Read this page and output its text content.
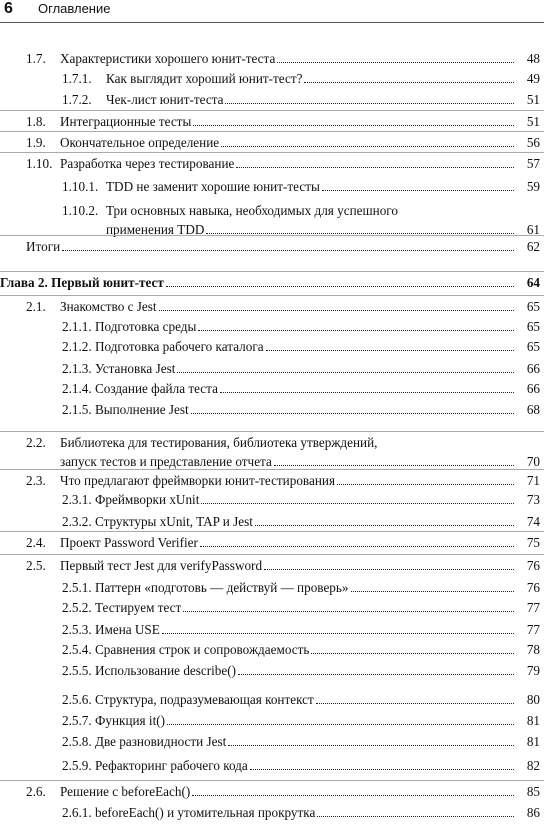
6 Оглавление
1.7. Характеристики хорошего юнит-теста	48
1.7.1. Как выглядит хороший юнит-тест?	49
1.7.2. Чек-лист юнит-теста	51
1.8. Интеграционные тесты	51
1.9. Окончательное определение	56
1.10. Разработка через тестирование	57
1.10.1. TDD не заменит хорошие юнит-тесты	59
1.10.2. Три основных навыка, необходимых для успешного
применения TDD	61
Итоги	62
Глава 2. Первый юнит-тест	64
2.1. Знакомство с Jest	65
2.1.1. Подготовка среды	65
2.1.2. Подготовка рабочего каталога	65
2.1.3. Установка Jest	66
2.1.4. Создание файла теста	66
2.1.5. Выполнение Jest	68
2.2. Библиотека для тестирования, библиотека утверждений,
запуск тестов и представление отчета	70
2.3. Что предлагают фреймворки юнит-тестирования	71
2.3.1. Фреймворки xUnit	73
2.3.2. Структуры xUnit, TAP и Jest	74
2.4. Проект Password Verifier	75
2.5. Первый тест Jest для verifyPassword	76
2.5.1. Паттерн «подготовь — действуй — проверь»	76
2.5.2. Тестируем тест	77
2.5.3. Имена USE	77
2.5.4. Сравнения строк и сопровождаемость	78
2.5.5. Использование describe()	79
2.5.6. Структура, подразумевающая контекст	80
2.5.7. Функция it()	81
2.5.8. Две разновидности Jest	81
2.5.9. Рефакторинг рабочего кода	82
2.6. Решение с beforeEach()	85
2.6.1. beforeEach() и утомительная прокрутка	86
